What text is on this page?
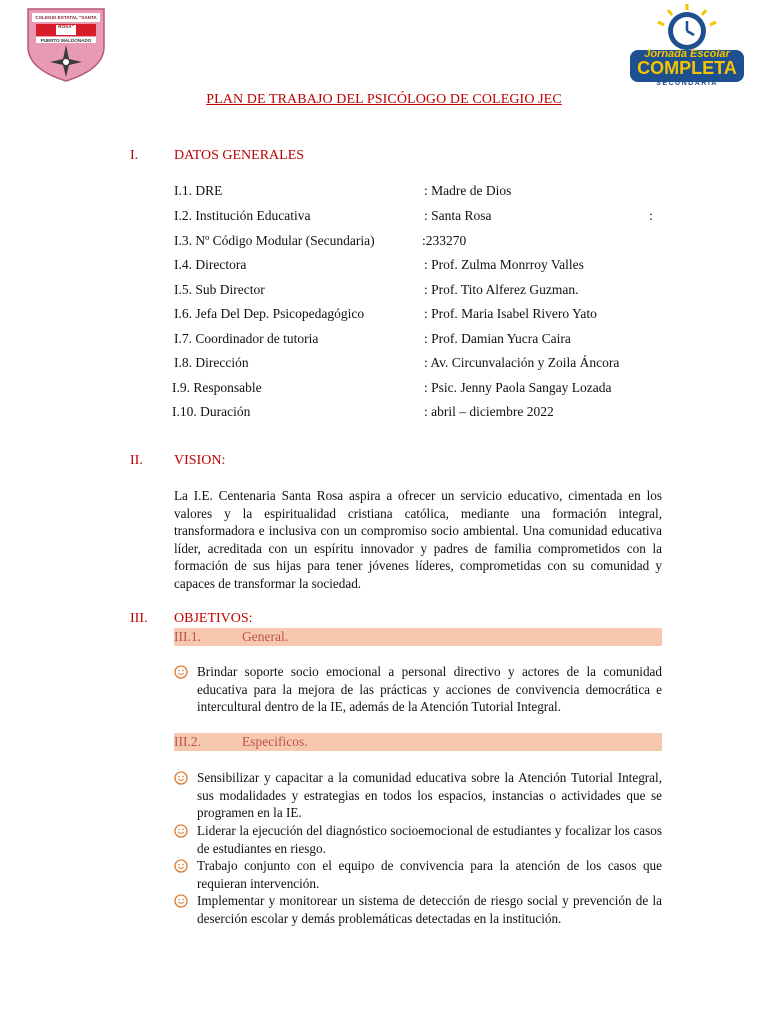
COLEGIO ESTATAL "SANTA ROSA"
PUERTO MALDONADO
Jornada Escolar
COMPLETA
SECUNDARIA
PLAN DE TRABAJO DEL PSICÓLOGO DE COLEGIO JEC
I.	DATOS GENERALES
I.1. DRE	: Madre de Dios
I.2. Institución Educativa	: Santa Rosa	:
I.3. Nº Código Modular (Secundaria)	:233270
I.4. Directora	: Prof. Zulma Monrroy Valles
I.5. Sub Director	: Prof. Tito Alferez Guzman.
I.6. Jefa Del Dep. Psicopedagógico	: Prof. Maria Isabel Rivero Yato
I.7. Coordinador de tutoria	: Prof. Damian Yucra Caira
I.8. Dirección	: Av. Circunvalación y Zoila Áncora
I.9. Responsable	: Psic. Jenny Paola Sangay Lozada
I.10. Duración	: abril – diciembre 2022
II. VISION:
La I.E. Centenaria Santa Rosa aspira a ofrecer un servicio educativo, cimentada en los valores y la espiritualidad cristiana católica, mediante una formación integral, transformadora e inclusiva con un compromiso socio ambiental. Una comunidad educativa líder, acreditada con un espíritu innovador y padres de familia comprometidos con la formación de sus hijas para tener jóvenes líderes, comprometidas con su comunidad y capaces de transformar la sociedad.
III. OBJETIVOS:
III.1.	General.
Brindar soporte socio emocional a personal directivo y actores de la comunidad educativa para la mejora de las prácticas y acciones de convivencia democrática e intercultural dentro de la IE, además de la Atención Tutorial Integral.
III.2.	Especificos.
Sensibilizar y capacitar a la comunidad educativa sobre la Atención Tutorial Integral, sus modalidades y estrategias en todos los espacios, instancias o actividades que se programen en la IE.
Liderar la ejecución del diagnóstico socioemocional de estudiantes y focalizar los casos de estudiantes en riesgo.
Trabajo conjunto con el equipo de convivencia para la atención de los casos que requieran intervención.
Implementar y monitorear un sistema de detección de riesgo social y prevención de la deserción escolar y demás problemáticas detectadas en la institución.
